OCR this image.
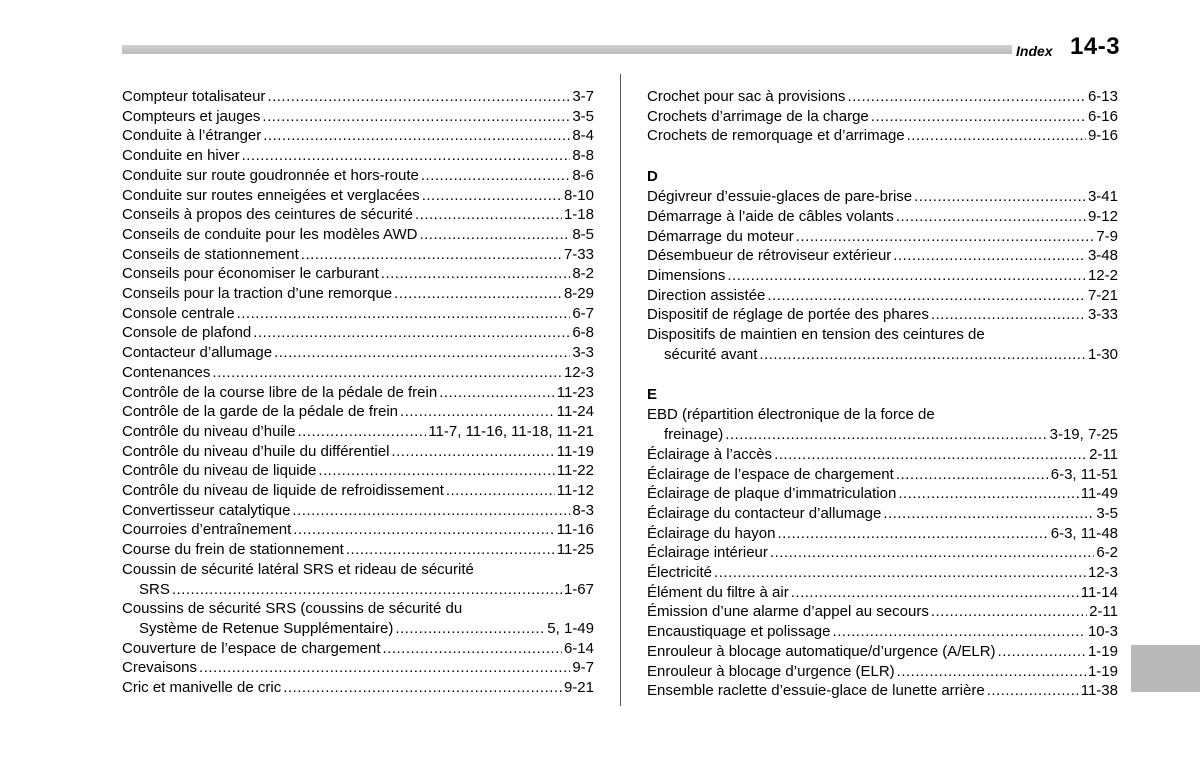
Index 14-3
Compteur totalisateur .....	3-7
Compteurs et jauges .....	3-5
Conduite à l’étranger .....	8-4
Conduite en hiver .....	8-8
Conduite sur route goudronnée et hors-route .....	8-6
Conduite sur routes enneigées et verglacées .....	8-10
Conseils à propos des ceintures de sécurité .....	1-18
Conseils de conduite pour les modèles AWD .....	8-5
Conseils de stationnement .....	7-33
Conseils pour économiser le carburant .....	8-2
Conseils pour la traction d’une remorque .....	8-29
Console centrale .....	6-7
Console de plafond .....	6-8
Contacteur d’allumage .....	3-3
Contenances .....	12-3
Contrôle de la course libre de la pédale de frein .....	11-23
Contrôle de la garde de la pédale de frein .....	11-24
Contrôle du niveau d’huile .....	11-7, 11-16, 11-18, 11-21
Contrôle du niveau d’huile du différentiel .....	11-19
Contrôle du niveau de liquide .....	11-22
Contrôle du niveau de liquide de refroidissement .....	11-12
Convertisseur catalytique .....	8-3
Courroies d’entraînement .....	11-16
Course du frein de stationnement .....	11-25
Coussin de sécurité latéral SRS et rideau de sécurité
SRS .....	1-67
Coussins de sécurité SRS (coussins de sécurité du
Système de Retenue Supplémentaire) .....	5, 1-49
Couverture de l’espace de chargement .....	6-14
Crevaisons .....	9-7
Cric et manivelle de cric .....	9-21
Crochet pour sac à provisions .....	6-13
Crochets d’arrimage de la charge .....	6-16
Crochets de remorquage et d’arrimage .....	9-16
D
Dégivreur d’essuie-glaces de pare-brise .....	3-41
Démarrage à l’aide de câbles volants .....	9-12
Démarrage du moteur .....	7-9
Désembueur de rétroviseur extérieur .....	3-48
Dimensions .....	12-2
Direction assistée .....	7-21
Dispositif de réglage de portée des phares .....	3-33
Dispositifs de maintien en tension des ceintures de
sécurité avant .....	1-30
E
EBD (répartition électronique de la force de
freinage) .....	3-19, 7-25
Éclairage à l’accès .....	2-11
Éclairage de l’espace de chargement .....	6-3, 11-51
Éclairage de plaque d’immatriculation .....	11-49
Éclairage du contacteur d’allumage .....	3-5
Éclairage du hayon .....	6-3, 11-48
Éclairage intérieur .....	6-2
Électricité .....	12-3
Élément du filtre à air .....	11-14
Émission d’une alarme d’appel au secours .....	2-11
Encaustiquage et polissage .....	10-3
Enrouleur à blocage automatique/d’urgence (A/ELR) .....	1-19
Enrouleur à blocage d’urgence (ELR) .....	1-19
Ensemble raclette d’essuie-glace de lunette arrière .....	11-38
